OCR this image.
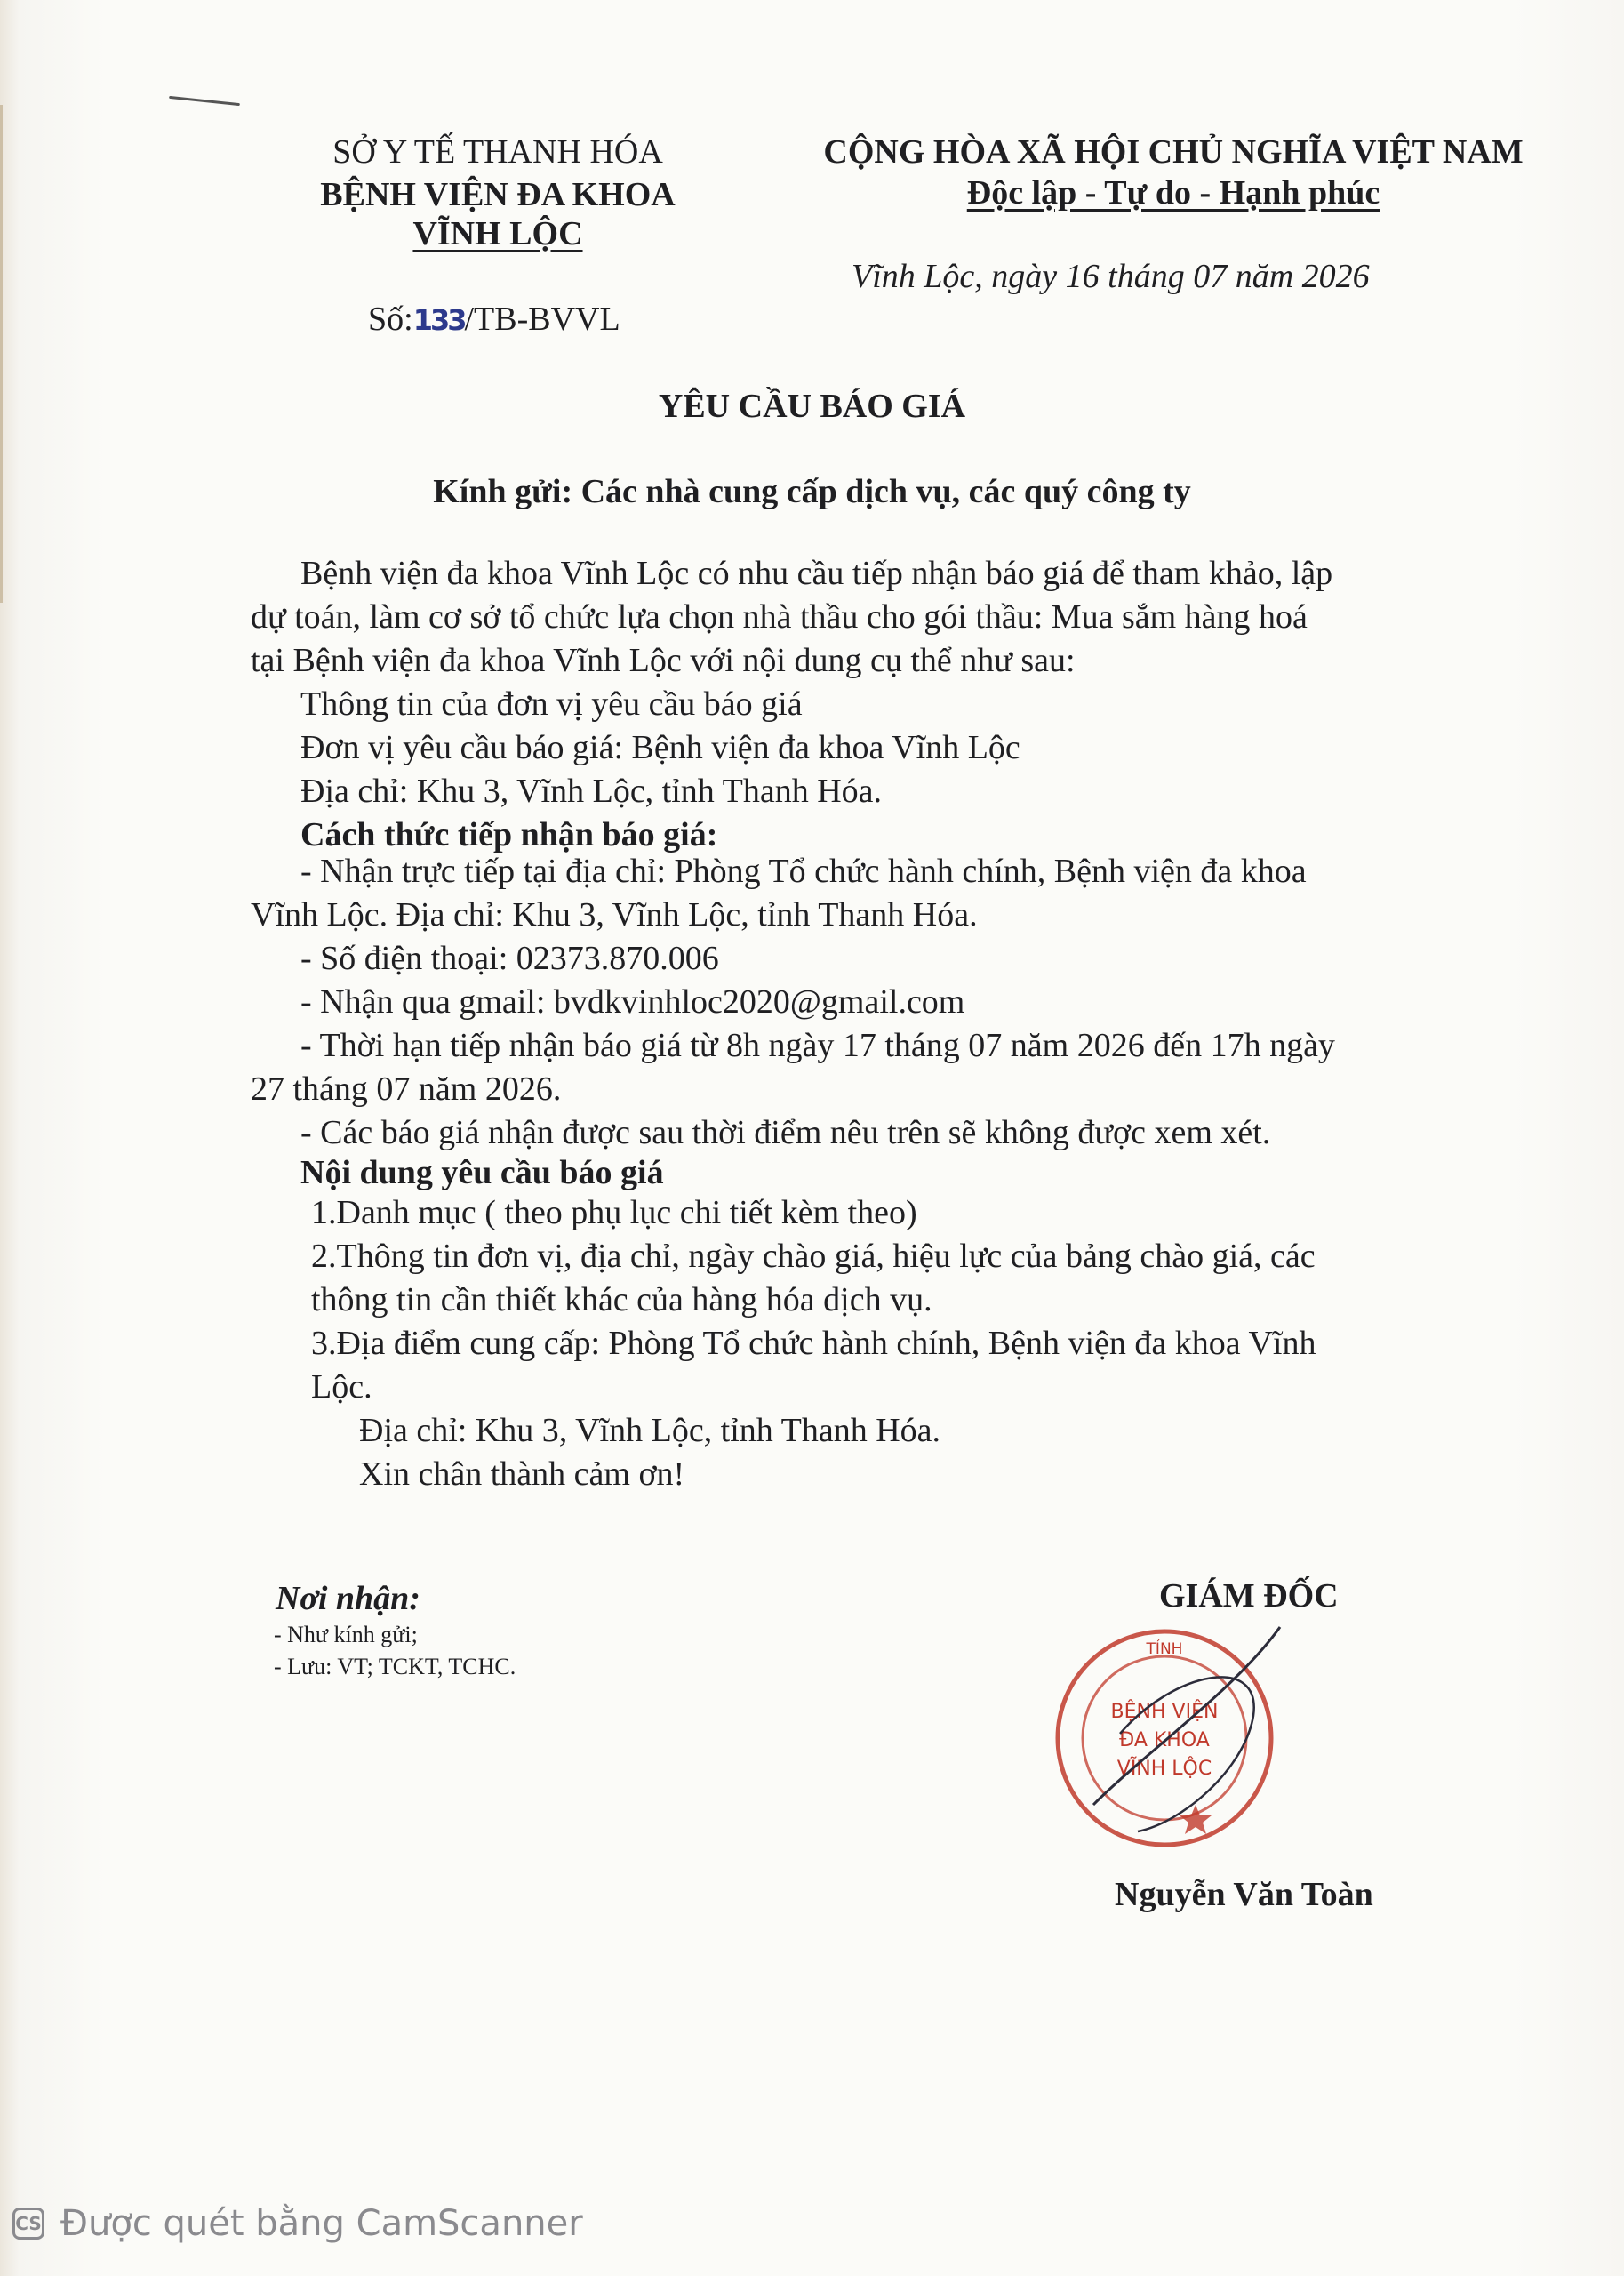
SỞ Y TẾ THANH HÓA
BỆNH VIỆN ĐA KHOA
VĨNH LỘC
Số:133/TB-BVVL
CỘNG HÒA XÃ HỘI CHỦ NGHĨA VIỆT NAM
Độc lập - Tự do - Hạnh phúc
Vĩnh Lộc, ngày 16 tháng 07 năm 2026
YÊU CẦU BÁO GIÁ
Kính gửi: Các nhà cung cấp dịch vụ, các quý công ty
Bệnh viện đa khoa Vĩnh Lộc có nhu cầu tiếp nhận báo giá để tham khảo, lập
dự toán, làm cơ sở tổ chức lựa chọn nhà thầu cho gói thầu: Mua sắm hàng hoá
tại Bệnh viện đa khoa Vĩnh Lộc với nội dung cụ thể như sau:
Thông tin của đơn vị yêu cầu báo giá
Đơn vị yêu cầu báo giá: Bệnh viện đa khoa Vĩnh Lộc
Địa chỉ: Khu 3, Vĩnh Lộc, tỉnh Thanh Hóa.
Cách thức tiếp nhận báo giá:
- Nhận trực tiếp tại địa chỉ: Phòng Tổ chức hành chính, Bệnh viện đa khoa
Vĩnh Lộc. Địa chỉ: Khu 3, Vĩnh Lộc, tỉnh Thanh Hóa.
- Số điện thoại: 02373.870.006
- Nhận qua gmail: bvdkvinhloc2020@gmail.com
- Thời hạn tiếp nhận báo giá từ 8h ngày 17 tháng 07 năm 2026 đến 17h ngày
27 tháng 07 năm 2026.
- Các báo giá nhận được sau thời điểm nêu trên sẽ không được xem xét.
Nội dung yêu cầu báo giá
1.Danh mục ( theo phụ lục chi tiết kèm theo)
2.Thông tin đơn vị, địa chỉ, ngày chào giá, hiệu lực của bảng chào giá, các
thông tin cần thiết khác của hàng hóa dịch vụ.
3.Địa điểm cung cấp: Phòng Tổ chức hành chính, Bệnh viện đa khoa Vĩnh
Lộc.
Địa chỉ: Khu 3, Vĩnh Lộc, tỉnh Thanh Hóa.
Xin chân thành cảm ơn!
Nơi nhận:
- Như kính gửi;
- Lưu: VT; TCKT, TCHC.
GIÁM ĐỐC
TỈNH
BỆNH VIỆN
ĐA KHOA
VĨNH LỘC
Nguyễn Văn Toàn
CS Được quét bằng CamScanner
